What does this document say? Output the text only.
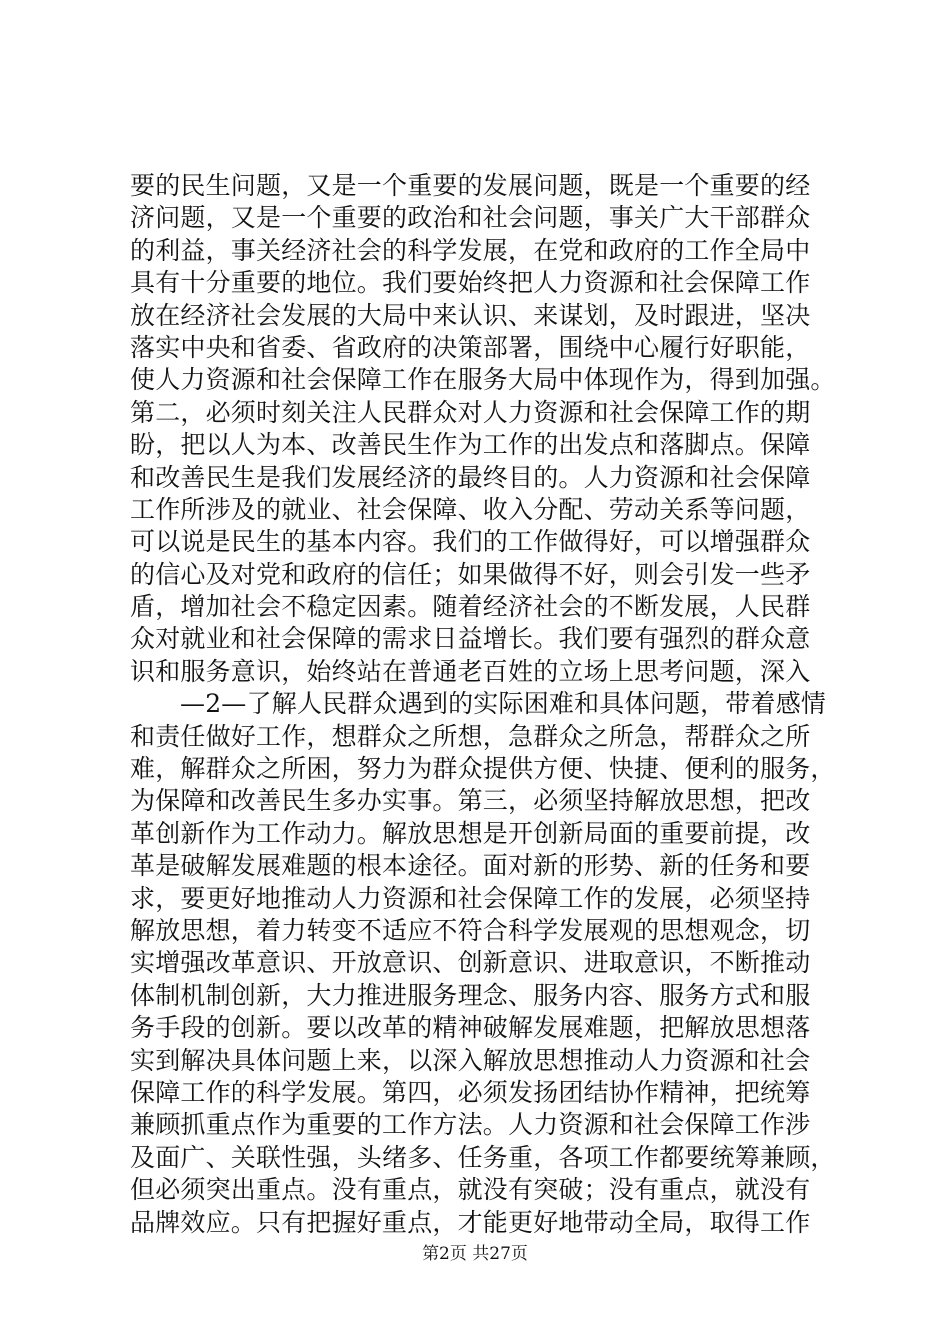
要的民生问题，又是一个重要的发展问题，既是一个重要的经
济问题，又是一个重要的政治和社会问题，事关广大干部群众
的利益，事关经济社会的科学发展，在党和政府的工作全局中
具有十分重要的地位。我们要始终把人力资源和社会保障工作
放在经济社会发展的大局中来认识、来谋划，及时跟进，坚决
落实中央和省委、省政府的决策部署，围绕中心履行好职能，
使人力资源和社会保障工作在服务大局中体现作为，得到加强。
第二，必须时刻关注人民群众对人力资源和社会保障工作的期
盼，把以人为本、改善民生作为工作的出发点和落脚点。保障
和改善民生是我们发展经济的最终目的。人力资源和社会保障
工作所涉及的就业、社会保障、收入分配、劳动关系等问题，
可以说是民生的基本内容。我们的工作做得好，可以增强群众
的信心及对党和政府的信任；如果做得不好，则会引发一些矛
盾，增加社会不稳定因素。随着经济社会的不断发展，人民群
众对就业和社会保障的需求日益增长。我们要有强烈的群众意
识和服务意识，始终站在普通老百姓的立场上思考问题，深入
—2—了解人民群众遇到的实际困难和具体问题，带着感情
和责任做好工作，想群众之所想，急群众之所急，帮群众之所
难，解群众之所困，努力为群众提供方便、快捷、便利的服务，
为保障和改善民生多办实事。第三，必须坚持解放思想，把改
革创新作为工作动力。解放思想是开创新局面的重要前提，改
革是破解发展难题的根本途径。面对新的形势、新的任务和要
求，要更好地推动人力资源和社会保障工作的发展，必须坚持
解放思想，着力转变不适应不符合科学发展观的思想观念，切
实增强改革意识、开放意识、创新意识、进取意识，不断推动
体制机制创新，大力推进服务理念、服务内容、服务方式和服
务手段的创新。要以改革的精神破解发展难题，把解放思想落
实到解决具体问题上来，以深入解放思想推动人力资源和社会
保障工作的科学发展。第四，必须发扬团结协作精神，把统筹
兼顾抓重点作为重要的工作方法。人力资源和社会保障工作涉
及面广、关联性强，头绪多、任务重，各项工作都要统筹兼顾，
但必须突出重点。没有重点，就没有突破；没有重点，就没有
品牌效应。只有把握好重点，才能更好地带动全局，取得工作
第2页 共27页
